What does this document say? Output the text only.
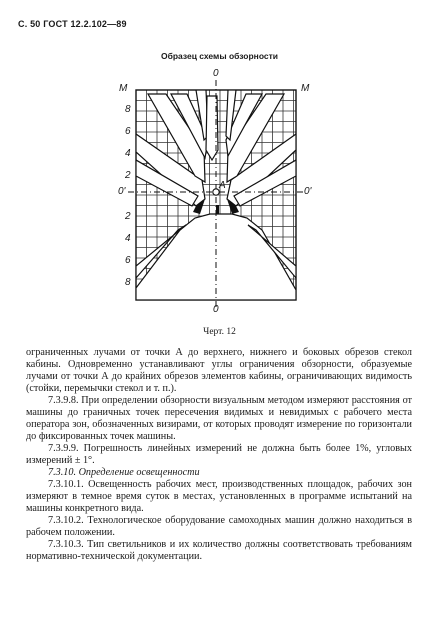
С. 50 ГОСТ 12.2.102—89
Образец схемы обзорности
0
0
M	M
0'	0'
A
8
6
4
2
2
4
6
8
Черт. 12

ограниченных лучами от точки А до верхнего, нижнего и боковых обрезов стекол кабины. Одновременно устанавливают углы ограничения обзорности, образуемые лучами от точки А до крайних обрезов элементов кабины, ограничивающих видимость (стойки, перемычки стекол и т. п.).

7.3.9.8. При определении обзорности визуальным методом измеряют расстояния от машины до граничных точек пересечения видимых и невидимых с рабочего места оператора зон, обозначенных визирами, от которых проводят измерение по горизонтали до фиксированных точек машины.

7.3.9.9. Погрешность линейных измерений не должна быть более 1%, угловых измерений ± 1°.

7.3.10. Определение освещенности

7.3.10.1. Освещенность рабочих мест, производственных площадок, рабочих зон измеряют в темное время суток в местах, установленных в программе испытаний на машины конкретного вида.

7.3.10.2. Технологическое оборудование самоходных машин должно находиться в рабочем положении.

7.3.10.3. Тип светильников и их количество должны соответствовать требованиям нормативно-технической документации.
